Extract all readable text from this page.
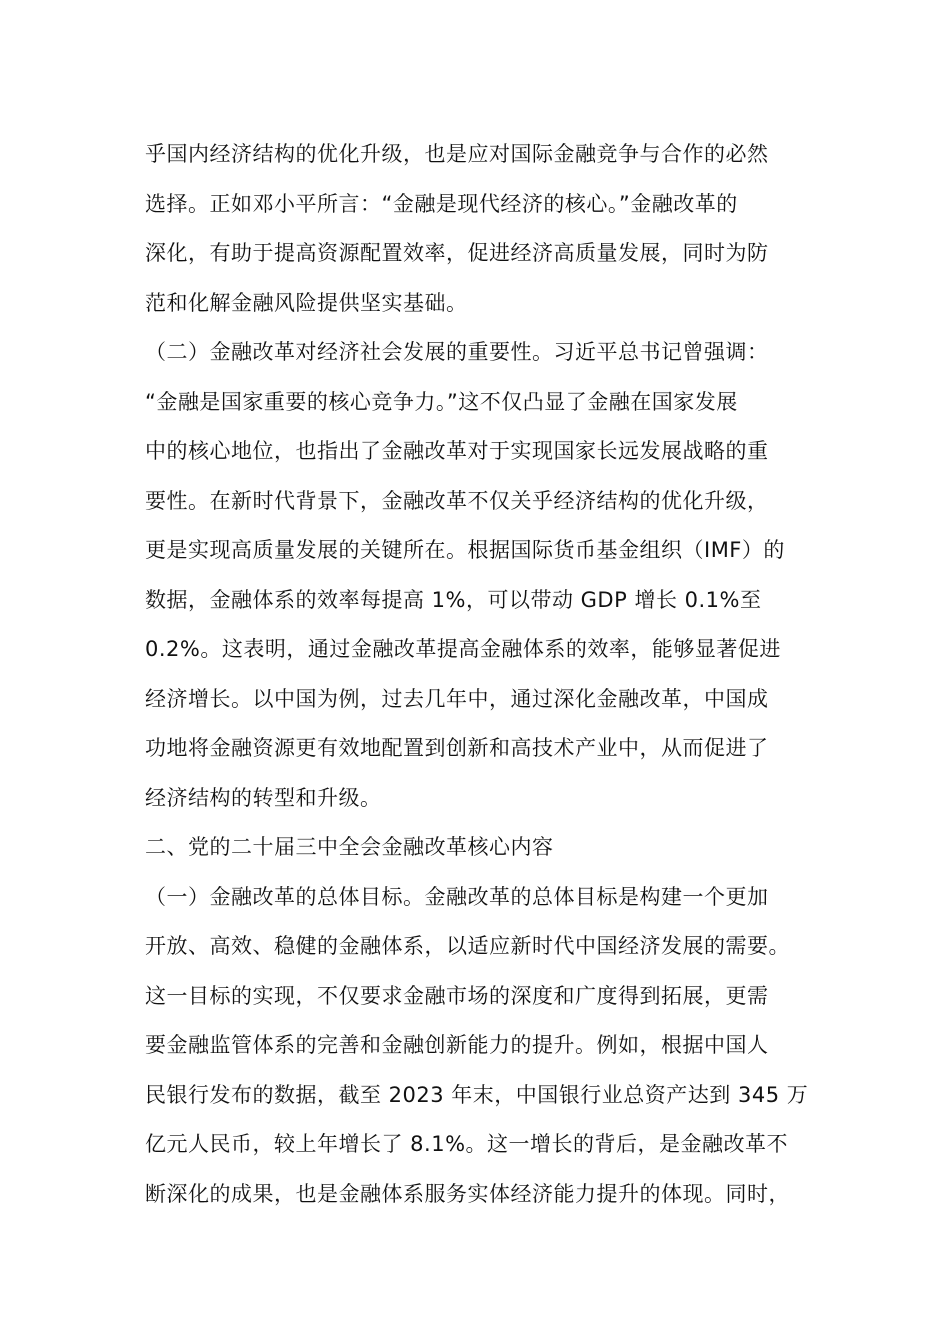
乎国内经济结构的优化升级，也是应对国际金融竞争与合作的必然
选择。正如邓小平所言：“金融是现代经济的核心。”金融改革的
深化，有助于提高资源配置效率，促进经济高质量发展，同时为防
范和化解金融风险提供坚实基础。
（二）金融改革对经济社会发展的重要性。习近平总书记曾强调：
“金融是国家重要的核心竞争力。”这不仅凸显了金融在国家发展
中的核心地位，也指出了金融改革对于实现国家长远发展战略的重
要性。在新时代背景下，金融改革不仅关乎经济结构的优化升级，
更是实现高质量发展的关键所在。根据国际货币基金组织（IMF）的
数据，金融体系的效率每提高 1%，可以带动 GDP 增长 0.1%至
0.2%。这表明，通过金融改革提高金融体系的效率，能够显著促进
经济增长。以中国为例，过去几年中，通过深化金融改革，中国成
功地将金融资源更有效地配置到创新和高技术产业中，从而促进了
经济结构的转型和升级。
二、党的二十届三中全会金融改革核心内容
（一）金融改革的总体目标。金融改革的总体目标是构建一个更加
开放、高效、稳健的金融体系，以适应新时代中国经济发展的需要。
这一目标的实现，不仅要求金融市场的深度和广度得到拓展，更需
要金融监管体系的完善和金融创新能力的提升。例如，根据中国人
民银行发布的数据，截至 2023 年末，中国银行业总资产达到 345 万
亿元人民币，较上年增长了 8.1%。这一增长的背后，是金融改革不
断深化的成果，也是金融体系服务实体经济能力提升的体现。同时，
